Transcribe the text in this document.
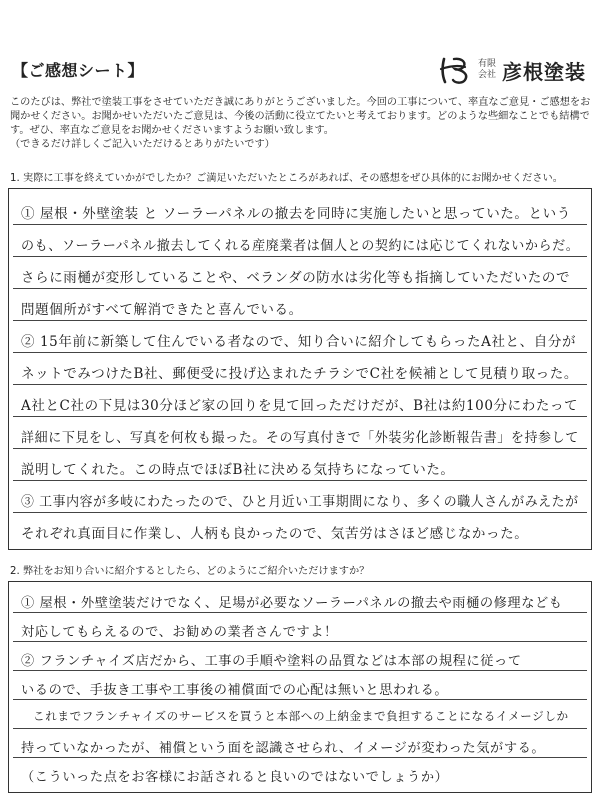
【ご感想シート】	有限
会社 彦根塗装
このたびは、弊社で塗装工事をさせていただき誠にありがとうございました。今回の工事について、率直なご意見・ご感想をお聞かせください。お聞かせいただいたご意見は、今後の活動に役立てたいと考えております。どのような些細なことでも結構です。ぜひ、率直なご意見をお聞かせくださいますようお願い致します。
（できるだけ詳しくご記入いただけるとありがたいです）
1. 実際に工事を終えていかがでしたか？ご満足いただいたところがあれば、その感想をぜひ具体的にお聞かせください。
① 屋根・外壁塗装 と ソーラーパネルの撤去を同時に実施したいと思っていた。という
のも、ソーラーパネル撤去してくれる産廃業者は個人との契約には応じてくれないからだ。
さらに雨樋が変形していることや、ベランダの防水は劣化等も指摘していただいたので
問題個所がすべて解消できたと喜んでいる。
② 15年前に新築して住んでいる者なので、知り合いに紹介してもらったA社と、自分が
ネットでみつけたB社、郵便受に投げ込まれたチラシでC社を候補として見積り取った。
A社とC社の下見は30分ほど家の回りを見て回っただけだが、B社は約100分にわたって
詳細に下見をし、写真を何枚も撮った。その写真付きで「外装劣化診断報告書」を持参して
説明してくれた。この時点でほぼB社に決める気持ちになっていた。
③ 工事内容が多岐にわたったので、ひと月近い工事期間になり、多くの職人さんがみえたが
それぞれ真面目に作業し、人柄も良かったので、気苦労はさほど感じなかった。
2. 弊社をお知り合いに紹介するとしたら、どのようにご紹介いただけますか？
① 屋根・外壁塗装だけでなく、足場が必要なソーラーパネルの撤去や雨樋の修理なども
対応してもらえるので、お勧めの業者さんですよ！
② フランチャイズ店だから、工事の手順や塗料の品質などは本部の規程に従って
いるので、手抜き工事や工事後の補償面での心配は無いと思われる。
これまでフランチャイズのサービスを買うと本部への上納金まで負担することになるイメージしか
持っていなかったが、補償という面を認識させられ、イメージが変わった気がする。
（こういった点をお客様にお話されると良いのではないでしょうか）
